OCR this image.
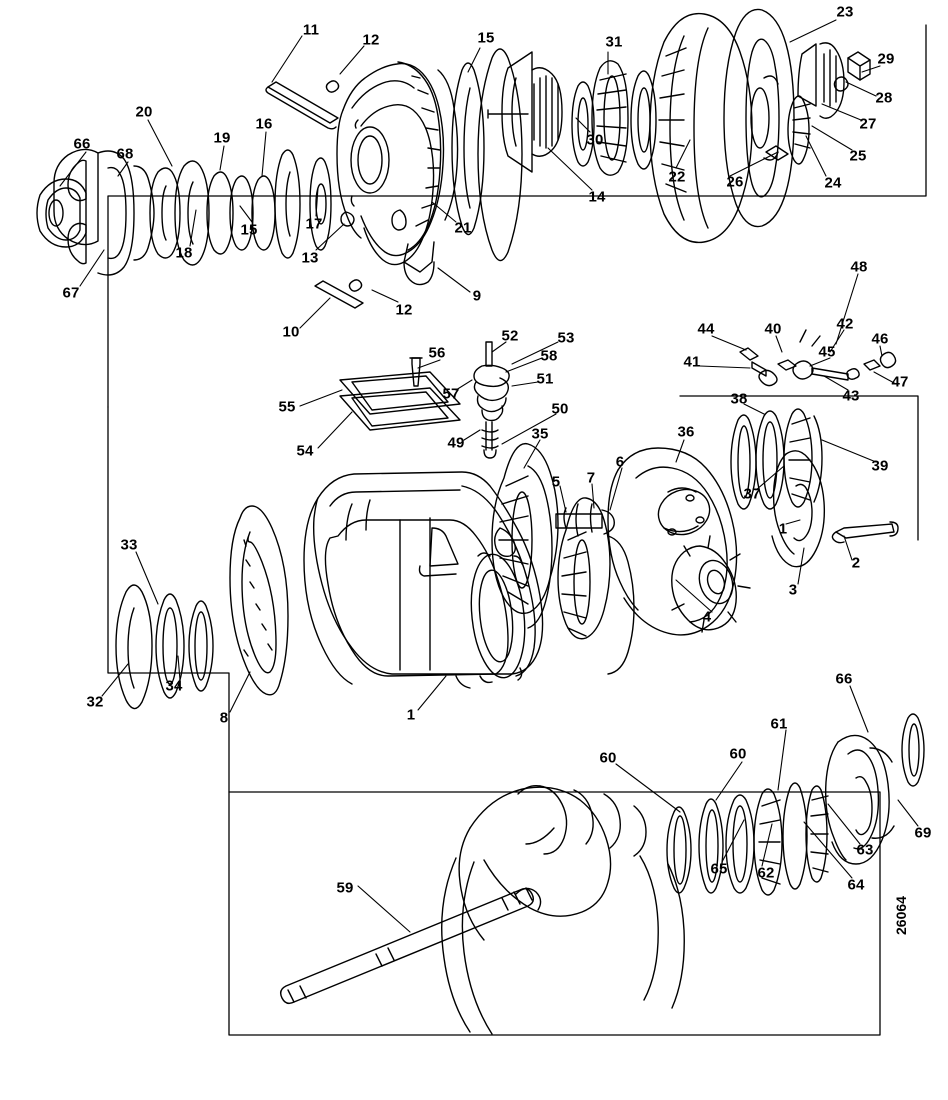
11
12	15	31
23
29
28
27
25
24
26
22
30
14
20
19
16
66
68
15
18
17
13
67
21
9
12
10
56
52	53
58
51
57
55
54	49
50
35	36
48
44	40	42
46
41
45
47
43
38
39
37
5 7
6
1
2
3
4
33
32
34
8	1
66
61
60
60
69
63
64
62
65
59
26064
